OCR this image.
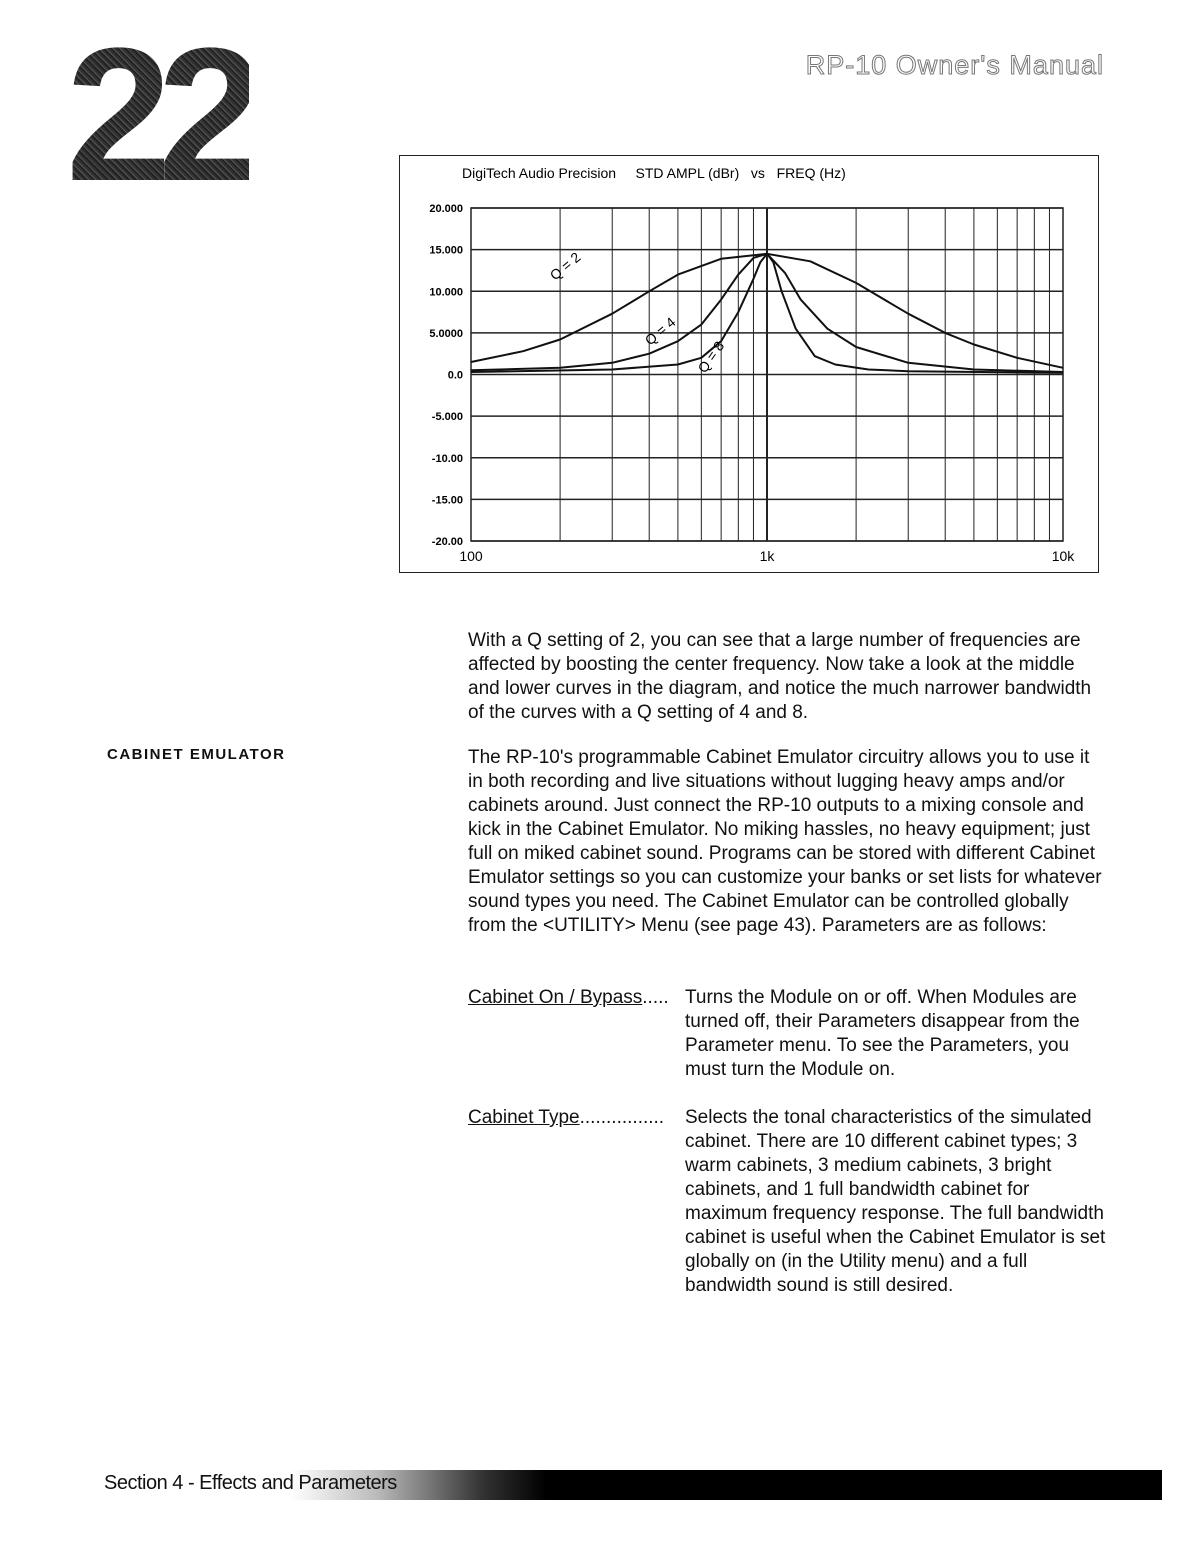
22	RP-10 Owner's Manual
DigiTech Audio Precision     STD AMPL (dBr)   vs   FREQ (Hz)
20.000
15.000
10.000
5.0000
0.0
-5.000
-10.00
-15.00
-20.00
100	1k	10k
Q = 2
Q = 4
Q = 8
With a Q setting of 2, you can see that a large number of frequencies are affected by boosting the center frequency. Now take a look at the middle and lower curves in the diagram, and notice the much narrower bandwidth of the curves with a Q setting of 4 and 8.
CABINET EMULATOR	The RP-10's programmable Cabinet Emulator circuitry allows you to use it in both recording and live situations without lugging heavy amps and/or cabinets around. Just connect the RP-10 outputs to a mixing console and kick in the Cabinet Emulator. No miking hassles, no heavy equipment; just full on miked cabinet sound. Programs can be stored with different Cabinet Emulator settings so you can customize your banks or set lists for whatever sound types you need. The Cabinet Emulator can be controlled globally from the <UTILITY> Menu (see page 43). Parameters are as follows:
Cabinet On / Bypass..... Turns the Module on or off. When Modules are turned off, their Parameters disappear from the Parameter menu. To see the Parameters, you must turn the Module on.
Cabinet Type................ Selects the tonal characteristics of the simulated cabinet. There are 10 different cabinet types; 3 warm cabinets, 3 medium cabinets, 3 bright cabinets, and 1 full bandwidth cabinet for maximum frequency response. The full bandwidth cabinet is useful when the Cabinet Emulator is set globally on (in the Utility menu) and a full bandwidth sound is still desired.
Section 4 - Effects and Parameters
